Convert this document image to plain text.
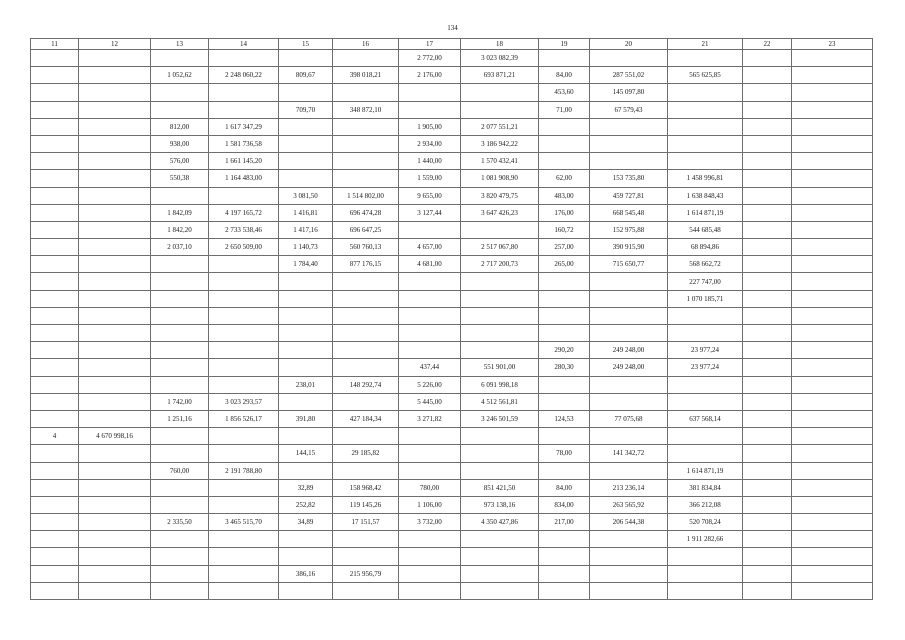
134
11	12	13	14	15	16	17	18	19	20	21	22	23
						2 772,00	3 023 082,39					
		1 052,62	2 248 060,22	809,67	398 018,21	2 176,00	693 871,21	84,00	287 551,02	565 625,85		
								453,60	145 097,80			
				709,70	348 872,10			71,00	67 579,43			
		812,00	1 617 347,29			1 905,00	2 077 551,21					
		938,00	1 581 736,58			2 934,00	3 186 942,22					
		576,00	1 661 145,20			1 440,00	1 570 432,41					
		550,38	1 164 483,00			1 559,00	1 081 908,90	62,00	153 735,80	1 458 996,81		
				3 081,50	1 514 802,00	9 655,00	3 820 479,75	483,00	459 727,81	1 638 848,43		
		1 842,09	4 197 165,72	1 416,81	696 474,28	3 127,44	3 647 426,23	176,00	668 545,48	1 614 871,19		
		1 842,20	2 733 538,46	1 417,16	696 647,25			160,72	152 975,88	544 685,48		
		2 037,10	2 650 509,00	1 140,73	560 760,13	4 657,00	2 517 067,80	257,00	390 915,90	68 894,86		
				1 784,40	877 176,15	4 681,00	2 717 200,73	265,00	715 650,77	568 662,72		
										227 747,00		
										1 070 185,71		

								290,20	249 248,00	23 977,24		
						437,44	551 901,00	280,30	249 248,00	23 977,24		
				238,01	148 292,74	5 226,00	6 091 998,18					
		1 742,00	3 023 293,57			5 445,00	4 512 561,81					
		1 251,16	1 856 526,17	391,80	427 184,34	3 271,82	3 246 501,59	124,53	77 075,68	637 568,14		
4	4 670 998,16											
				144,15	29 185,82			78,00	141 342,72			
		760,00	2 191 788,80							1 614 871,19		
				32,89	158 968,42	780,00	851 421,50	84,00	213 236,14	381 834,84		
				252,82	119 145,26	1 106,00	973 138,16	834,00	263 565,92	366 212,08		
		2 335,50	3 465 515,70	34,89	17 151,57	3 732,00	4 350 427,86	217,00	206 544,38	520 708,24		
										1 911 282,66		

				386,16	215 956,79							
